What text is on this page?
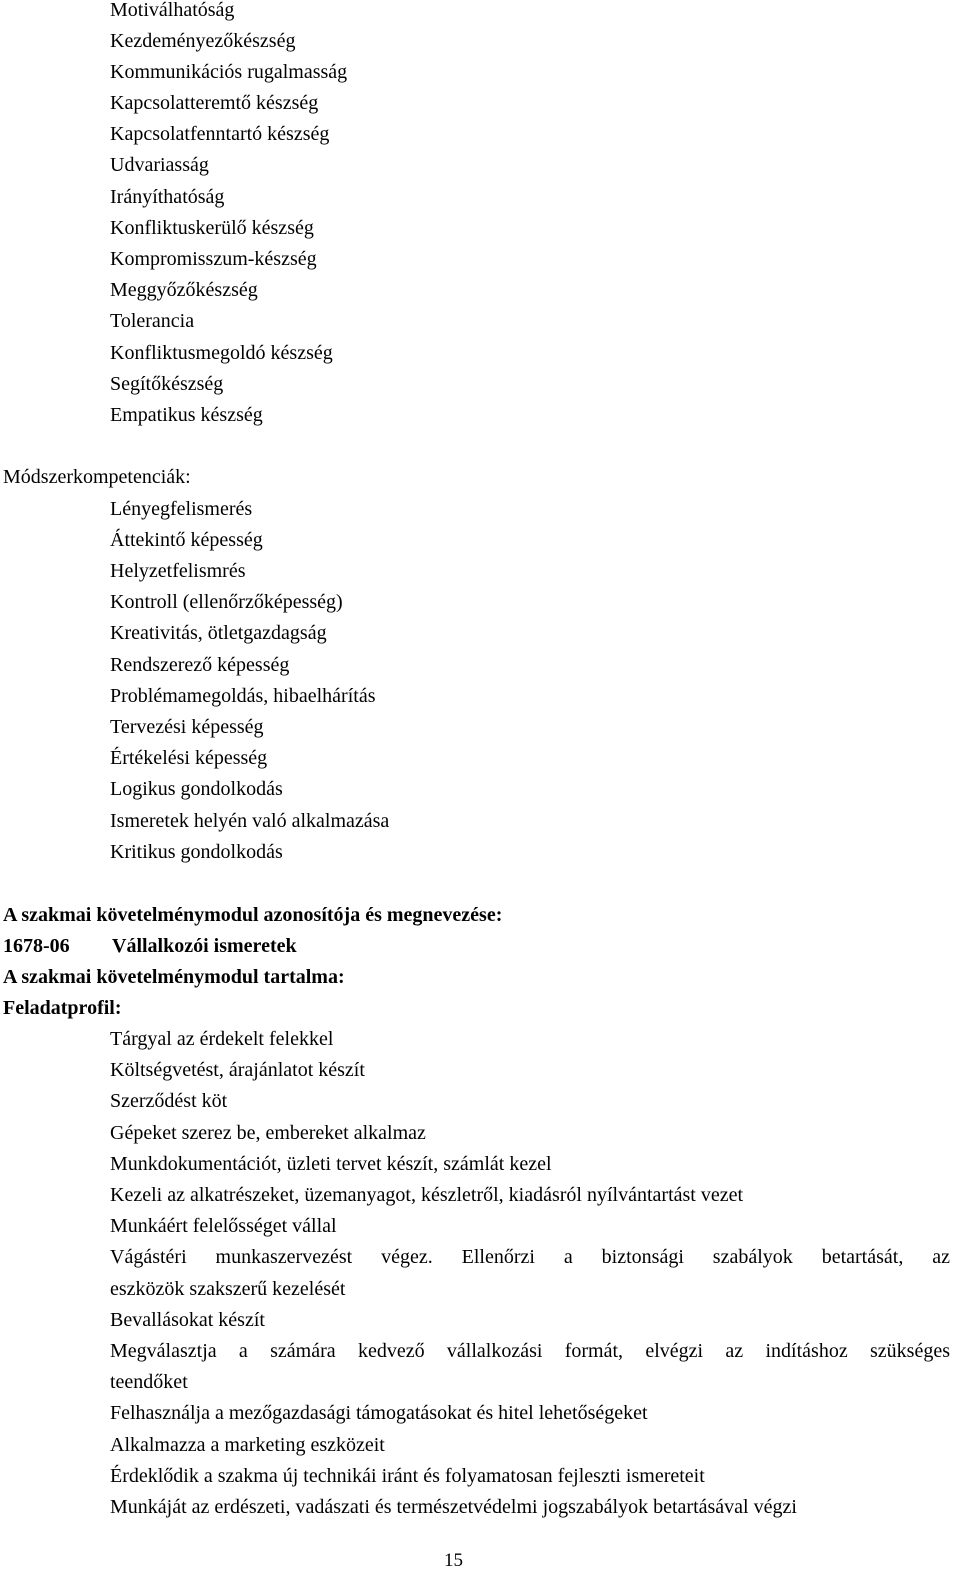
Motiválhatóság
Kezdeményezőkészség
Kommunikációs rugalmasság
Kapcsolatteremtő készség
Kapcsolatfenntartó készség
Udvariasság
Irányíthatóság
Konfliktuskerülő készség
Kompromisszum-készség
Meggyőzőkészség
Tolerancia
Konfliktusmegoldó készség
Segítőkészség
Empatikus készség
Módszerkompetenciák:
Lényegfelismerés
Áttekintő képesség
Helyzetfelismrés
Kontroll (ellenőrzőképesség)
Kreativitás, ötletgazdagság
Rendszerező képesség
Problémamegoldás, hibaelhárítás
Tervezési képesség
Értékelési képesség
Logikus gondolkodás
Ismeretek helyén való alkalmazása
Kritikus gondolkodás
A szakmai követelménymodul azonosítója és megnevezése:
1678-06 Vállalkozói ismeretek
A szakmai követelménymodul tartalma:
Feladatprofil:
Tárgyal az érdekelt felekkel
Költségvetést, árajánlatot készít
Szerződést köt
Gépeket szerez be, embereket alkalmaz
Munkdokumentációt, üzleti tervet készít, számlát kezel
Kezeli az alkatrészeket, üzemanyagot, készletről, kiadásról nyílvántartást vezet
Munkáért felelősséget vállal
Vágástéri munkaszervezést végez. Ellenőrzi a biztonsági szabályok betartását, az
eszközök szakszerű kezelését
Bevallásokat készít
Megválasztja a számára kedvező vállalkozási formát, elvégzi az indításhoz szükséges
teendőket
Felhasználja a mezőgazdasági támogatásokat és hitel lehetőségeket
Alkalmazza a marketing eszközeit
Érdeklődik a szakma új technikái iránt és folyamatosan fejleszti ismereteit
Munkáját az erdészeti, vadászati és természetvédelmi jogszabályok betartásával végzi
15
